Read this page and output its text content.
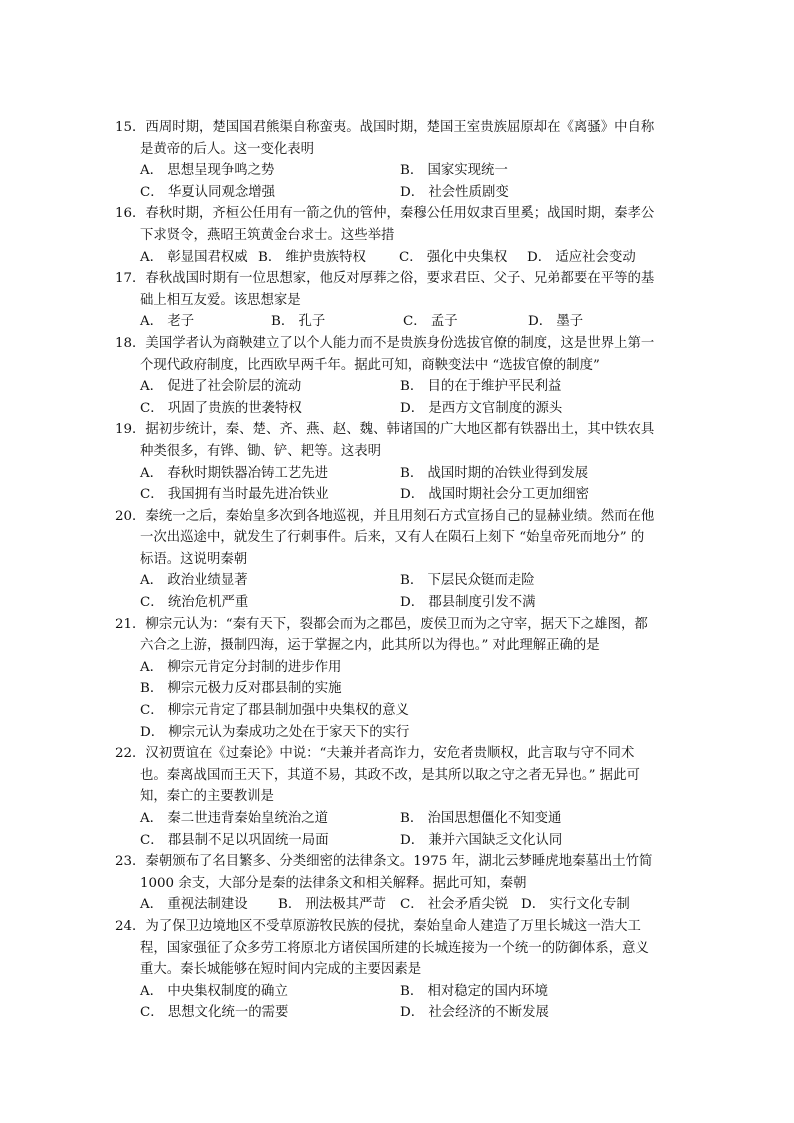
15．西周时期，楚国国君熊渠自称蛮夷。战国时期，楚国王室贵族屈原却在《离骚》中自称
是黄帝的后人。这一变化表明
A． 思想呈现争鸣之势	B． 国家实现统一
C． 华夏认同观念增强	D． 社会性质剧变
16．春秋时期，齐桓公任用有一箭之仇的管仲，秦穆公任用奴隶百里奚；战国时期，秦孝公
下求贤令，燕昭王筑黄金台求士。这些举措
A． 彰显国君权威 B． 维护贵族特权 C． 强化中央集权 D． 适应社会变动
17．春秋战国时期有一位思想家，他反对厚葬之俗，要求君臣、父子、兄弟都要在平等的基
础上相互友爱。该思想家是
A． 老子	B． 孔子	C． 孟子	D． 墨子
18．美国学者认为商鞅建立了以个人能力而不是贵族身份选拔官僚的制度，这是世界上第一
个现代政府制度，比西欧早两千年。据此可知，商鞅变法中 “选拔官僚的制度”
A． 促进了社会阶层的流动	B． 目的在于维护平民利益
C． 巩固了贵族的世袭特权	D． 是西方文官制度的源头
19．据初步统计，秦、楚、齐、燕、赵、魏、韩诸国的广大地区都有铁器出土，其中铁农具
种类很多，有铧、锄、铲、耙等。这表明
A． 春秋时期铁器冶铸工艺先进	B． 战国时期的冶铁业得到发展
C． 我国拥有当时最先进冶铁业	D． 战国时期社会分工更加细密
20．秦统一之后，秦始皇多次到各地巡视，并且用刻石方式宣扬自己的显赫业绩。然而在他
一次出巡途中，就发生了行刺事件。后来，又有人在陨石上刻下 “始皇帝死而地分” 的
标语。这说明秦朝
A． 政治业绩显著	B． 下层民众铤而走险
C． 统治危机严重	D． 郡县制度引发不满
21．柳宗元认为：“秦有天下，裂都会而为之郡邑，废侯卫而为之守宰，据天下之雄图，都
六合之上游，摄制四海，运于掌握之内，此其所以为得也。” 对此理解正确的是
A． 柳宗元肯定分封制的进步作用
B． 柳宗元极力反对郡县制的实施
C． 柳宗元肯定了郡县制加强中央集权的意义
D． 柳宗元认为秦成功之处在于家天下的实行
22．汉初贾谊在《过秦论》中说：“夫兼并者高诈力，安危者贵顺权，此言取与守不同术
也。秦离战国而王天下，其道不易，其政不改，是其所以取之守之者无异也。” 据此可
知，秦亡的主要教训是
A． 秦二世违背秦始皇统治之道	B． 治国思想僵化不知变通
C． 郡县制不足以巩固统一局面	D． 兼并六国缺乏文化认同
23．秦朝颁布了名目繁多、分类细密的法律条文。1975 年，湖北云梦睡虎地秦墓出土竹简
1000 余支，大部分是秦的法律条文和相关解释。据此可知，秦朝
A． 重视法制建设 B． 刑法极其严苛 C． 社会矛盾尖锐 D． 实行文化专制
24．为了保卫边境地区不受草原游牧民族的侵扰，秦始皇命人建造了万里长城这一浩大工
程，国家强征了众多劳工将原北方诸侯国所建的长城连接为一个统一的防御体系，意义
重大。秦长城能够在短时间内完成的主要因素是
A． 中央集权制度的确立	B． 相对稳定的国内环境
C． 思想文化统一的需要	D． 社会经济的不断发展
